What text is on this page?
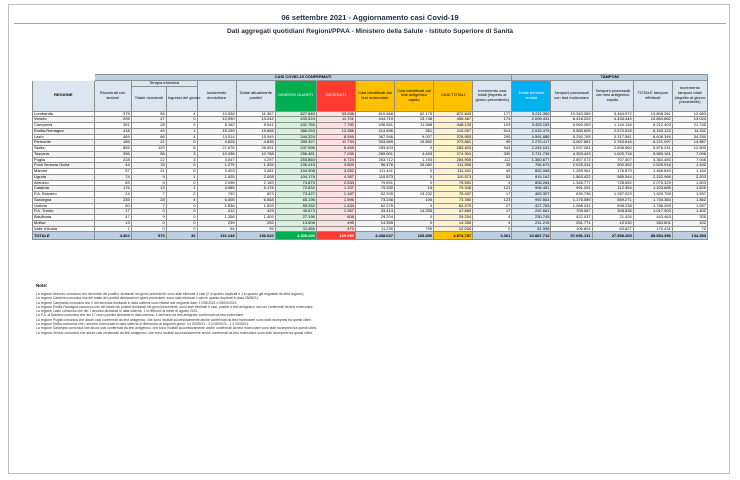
06 settembre 2021 - Aggiornamento casi Covid-19
Dati aggregati quotidiani Regioni/PPAA - Ministero della Salute - Istituto Superiore di Sanità
	CASI COVID-19 CONFERMATI											TAMPONI				
REGIONE	Ricoverati con sintomi	Terapia intensiva		Isolamento domiciliare	Totale attualmente positivi	DIMESSI/ GUARITI	DECEDUTI	Casi identificati dal test molecolare	Casi identificati dal test antigenico rapido	CASI TOTALI	Incremento casi totali (rispetto al giorno precedente)	Totale persone testate	Tamponi processati con test molecolare	Tamponi processati con test antigenico rapido	TOTALE tamponi effettuati	Incremento tamponi totali (rispetto al giorno precedente)
		Totale ricoverati	Ingressi del giorno													
Lombardia	375	56	4	10.936	11.367	827.540	33.936	810.668	62.175	872.843	177	5.211.350	10.343.269	3.464.972	13.808.261	12.683
Veneto	205	47	0	12.990	13.242	433.524	11.701	444.719	13.748	458.467	174	2.005.431	6.416.222	4.434.444	10.854.662	13.024
Campania	351	28	0	8.162	8.541	431.766	7.790	436.551	11.588	448.139	193	3.453.153	5.069.269	1.144.134	6.212.403	21.745
Emilia-Romagna	418	49	1	15.199	15.666	386.053	13.386	414.696	361	415.057	514	2.033.479	5.580.605	2.572.515	8.153.122	14.011
Lazio	469	66	4	14.514	15.049	344.324	8.549	367.946	9.007	376.953	295	4.591.886	5.250.765	3.317.581	8.608.346	34.530
Piemonte	186	21	0	4.628	4.835	355.327	11.734	353.589	19.892	373.881	99	2.275.417	3.067.881	2.763.616	6.121.097	14.857
Sicilia	855	120	6	27.976	28.951	247.996	6.459	283.403	0	283.403	943	2.244.151	3.037.281	2.838.960	5.876.241	12.800
Toscana	396	56	3	10.336	10.788	256.481	7.035	269.901	4.403	274.304	330	2.721.736	4.353.443	1.629.718	5.983.161	7.006
Puglia	228	22	3	4.047	4.297	253.864	6.724	263.712	1.193	264.905	112	1.360.677	2.657.073	707.407	3.364.480	7.946
Friuli Venezia Giulia	44	15	0	1.275	1.334	106.415	3.809	96.476	15.082	111.558	35	766.675	2.025.314	500.302	2.525.516	1.440
Marche	57	21	0	3.403	3.481	104.908	3.052	111.441	0	111.441	49	852.068	1.289.961	176.879	1.466.840	1.164
Liguria	74	9	1	1.925	2.008	104.178	4.387	110.573	0	110.573	53	815.162	1.563.422	589.544	2.152.966	2.203
Abruzzo	83	4	0	2.096	2.183	74.874	2.534	79.591	0	79.591	4	808.264	1.346.777	728.552	2.075.329	1.803
Calabria	176	13	1	4.985	5.176	72.832	1.337	79.330	15	79.345	121	996.481	991.291	112.394	1.103.685	1.825
P.A. Bolzano	24	7	2	792	823	73.427	1.187	62.205	13.232	75.437	17	463.307	635.736	1.287.023	1.920.759	1.597
Sardegna	235	28	4	6.305	6.568	65.196	1.596	73.246	106	73.350	123	992.863	1.175.089	559.271	1.734.360	1.862
Umbria	50	7	0	1.536	1.593	59.252	1.434	62.279	0	62.279	27	427.763	1.088.031	698.238	1.786.269	1.597
P.A. Trento	17	0	0	412	429	45.873	1.367	33.414	14.255	47.669	17	292.661	709.067	308.836	1.017.903	1.402
Basilicata	47	9	0	1.358	1.409	27.196	608	29.204	0	29.204	4	230.745	422.037	21.426	443.463	325
Molise	13	0	0	239	252	13.608	495	14.355	0	14.355	4	231.215	251.771	10.030	264.801	102
Valle d'Aosta	1	0	0	94	95	11.466	473	11.239	795	12.034	0	81.596	106.804	63.627	170.431	70
TOTALE	4.302	570	32	131.148	136.020	4.309.200	129.955	4.408.037	165.850	4.574.787	3.361	32.887.712	57.696.131	27.958.265	85.654.396	134.393
Note:
La regione Abruzzo comunica che del totale dei positivi, dichiarati nei giorni precedenti, sono stati eliminati 4 casi (2 in quanto duplicati e 2 in quanto già segnalati da altra regione).
La regione Calabria comunica che del totale dei positivi dichiarati nei giorni precedenti, sono stati eliminati 4 casi in quanto duplicati in data 28/08/21.
La regione Campania comunica che 2 dei deceduti dichiarati in data odierna sono relativi alle seguenti date: 17/08/2021 e 05/09/2021.
La regione Emilia-Romagna comunica che del totale dei positivi dichiarati nei giorni precedenti, sono stati eliminati 6 casi, positivi a test antigenico ma non confermati da test molecolare.
La regione Lazio comunica che dei 7 decessi dichiarati in data odierna, 1 si riferisce al mese di agosto 2021.
La P.A. di Bolzano comunica che dei 17 nuovi positivi dichiarati in data odierna, 4 derivano da test antigenici confermati da test molecolare.
La regione Puglia comunica che alcuni casi confermati da test antigenico, che sono risultati successivamente anche confermati da test molecolare sono stati ricompresi tra questi ultimi.
La regione Sicilia comunica che i decessi comunicati in data odierna si riferiscono ai seguenti giorni: 3 il 05/09/21 - 3 il 04/09/21 - 1 il 03/09/21.
La regione Sardegna comunica che alcuni casi confermati da test antigenico, che sono risultati successivamente anche confermati da test molecolare sono stati ricompresi tra questi ultimi.
La regione Veneto comunica che alcuni casi confermati da test antigenico, che sono risultati successivamente anche confermati da test molecolare sono stati ricompresi tra questi ultimi.
